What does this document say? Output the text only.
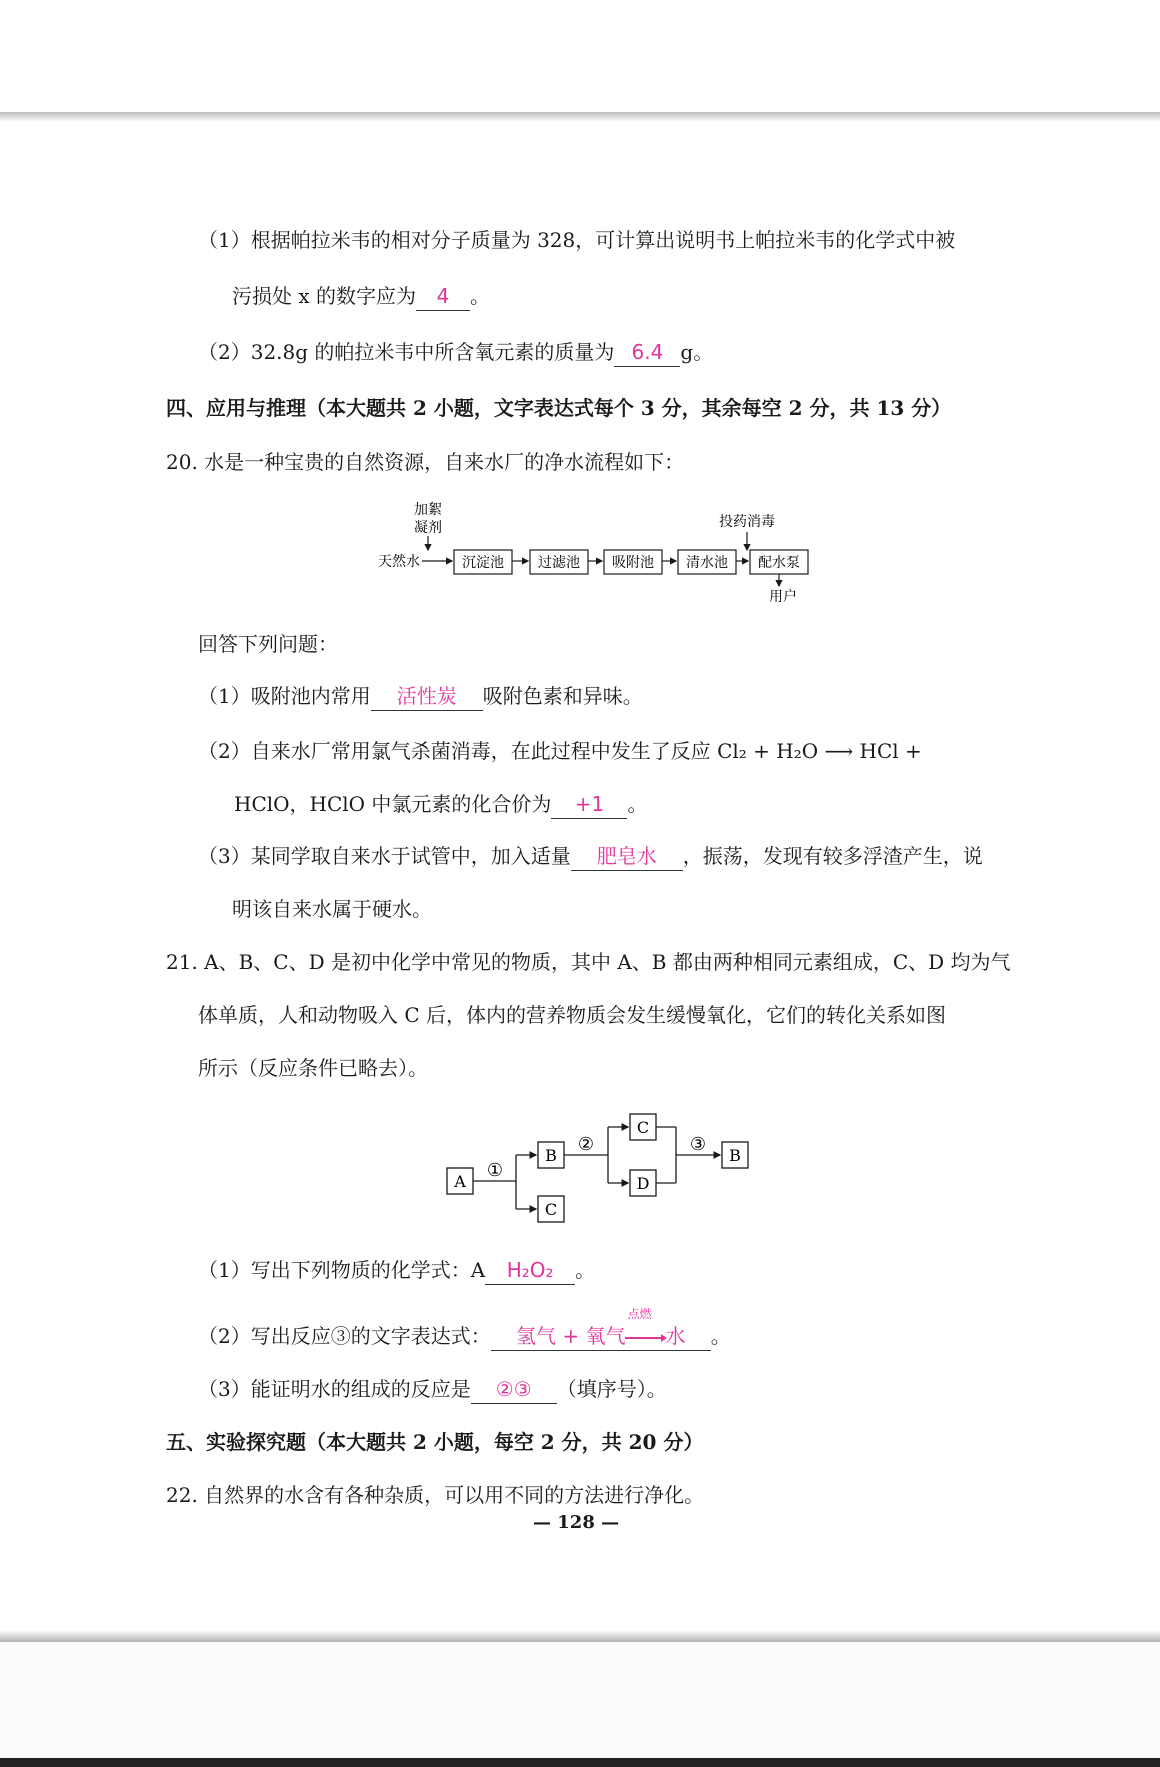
（1）根据帕拉米韦的相对分子质量为 328，可计算出说明书上帕拉米韦的化学式中被
污损处 x 的数字应为 4 。
（2）32.8g 的帕拉米韦中所含氧元素的质量为 6.4 g。
四、应用与推理（本大题共 2 小题，文字表达式每个 3 分，其余每空 2 分，共 13 分）
20. 水是一种宝贵的自然资源，自来水厂的净水流程如下：
加絮
凝剂	投药消毒
天然水	沉淀池 过滤池 吸附池 清水池 配水泵
用户
回答下列问题：
（1）吸附池内常用 活性炭 吸附色素和异味。
（2）自来水厂常用氯气杀菌消毒，在此过程中发生了反应 Cl₂ + H₂O ⟶ HCl +
HClO，HClO 中氯元素的化合价为 +1 。
（3）某同学取自来水于试管中，加入适量 肥皂水 ，振荡，发现有较多浮渣产生，说
明该自来水属于硬水。
21. A、B、C、D 是初中化学中常见的物质，其中 A、B 都由两种相同元素组成，C、D 均为气
体单质，人和动物吸入 C 后，体内的营养物质会发生缓慢氧化，它们的转化关系如图
所示（反应条件已略去）。
A
①
B
C
②
C
D
③
B
（1）写出下列物质的化学式：A H₂O₂ 。
（2）写出反应③的文字表达式： 氢气 + 氧气
点燃
水 。
（3）能证明水的组成的反应是 ②③ （填序号）。
五、实验探究题（本大题共 2 小题，每空 2 分，共 20 分）
22. 自然界的水含有各种杂质，可以用不同的方法进行净化。
— 128 —
